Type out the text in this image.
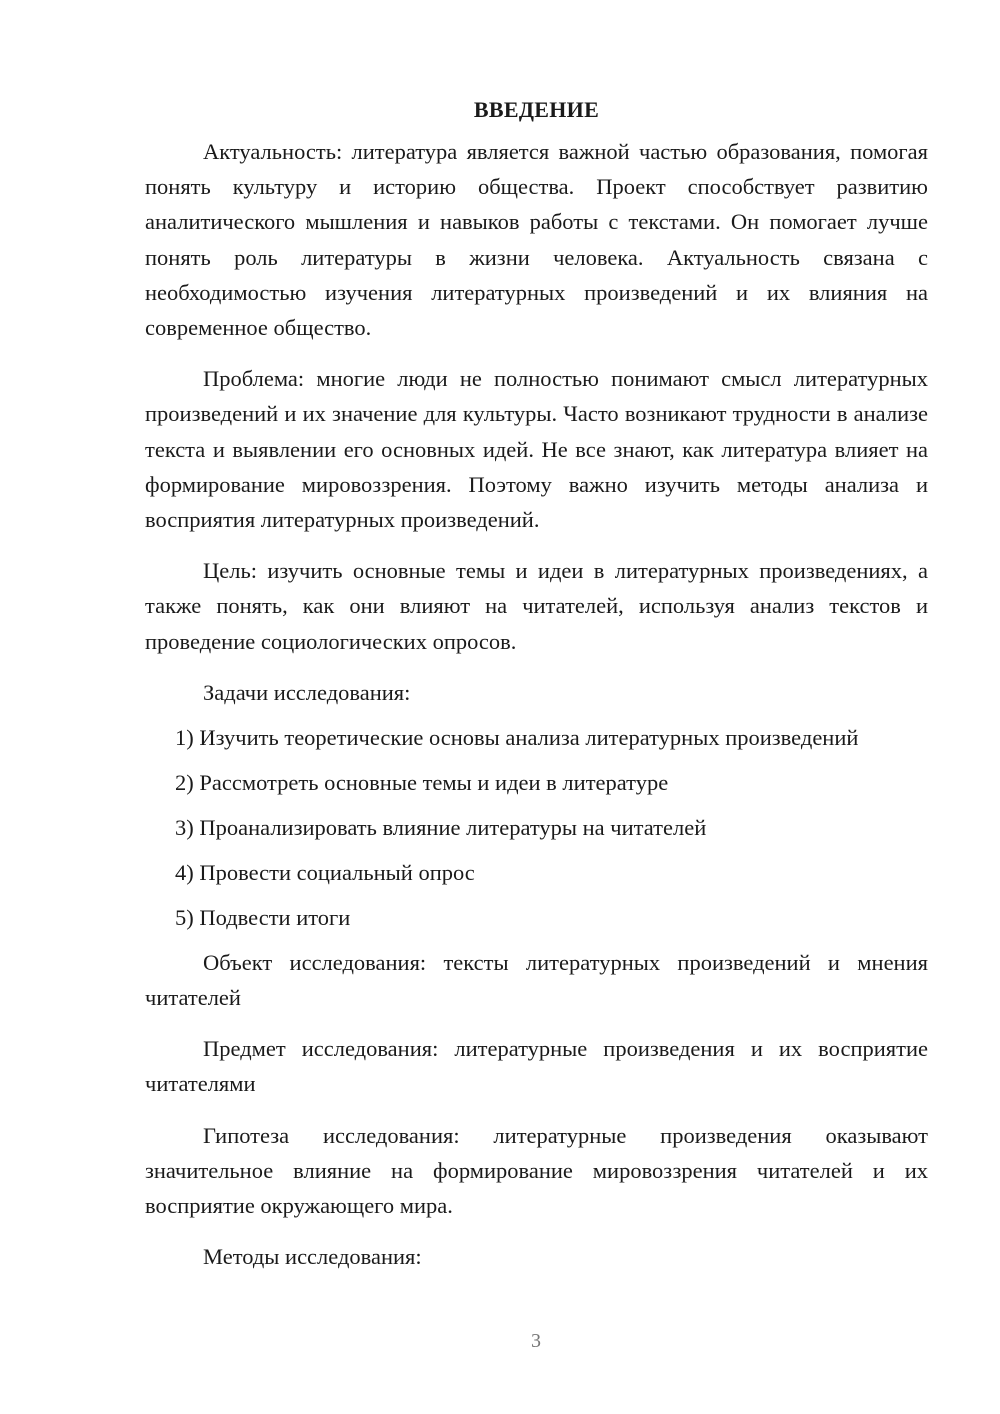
ВВЕДЕНИЕ

Актуальность: литература является важной частью образования, помогая понять культуру и историю общества. Проект способствует развитию аналитического мышления и навыков работы с текстами. Он помогает лучше понять роль литературы в жизни человека. Актуальность связана с необходимостью изучения литературных произведений и их влияния на современное общество.

Проблема: многие люди не полностью понимают смысл литературных произведений и их значение для культуры. Часто возникают трудности в анализе текста и выявлении его основных идей. Не все знают, как литература влияет на формирование мировоззрения. Поэтому важно изучить методы анализа и восприятия литературных произведений.

Цель: изучить основные темы и идеи в литературных произведениях, а также понять, как они влияют на читателей, используя анализ текстов и проведение социологических опросов.

Задачи исследования:
1) Изучить теоретические основы анализа литературных произведений
2) Рассмотреть основные темы и идеи в литературе
3) Проанализировать влияние литературы на читателей
4) Провести социальный опрос
5) Подвести итоги

Объект исследования: тексты литературных произведений и мнения читателей

Предмет исследования: литературные произведения и их восприятие читателями

Гипотеза исследования: литературные произведения оказывают значительное влияние на формирование мировоззрения читателей и их восприятие окружающего мира.

Методы исследования:

3
